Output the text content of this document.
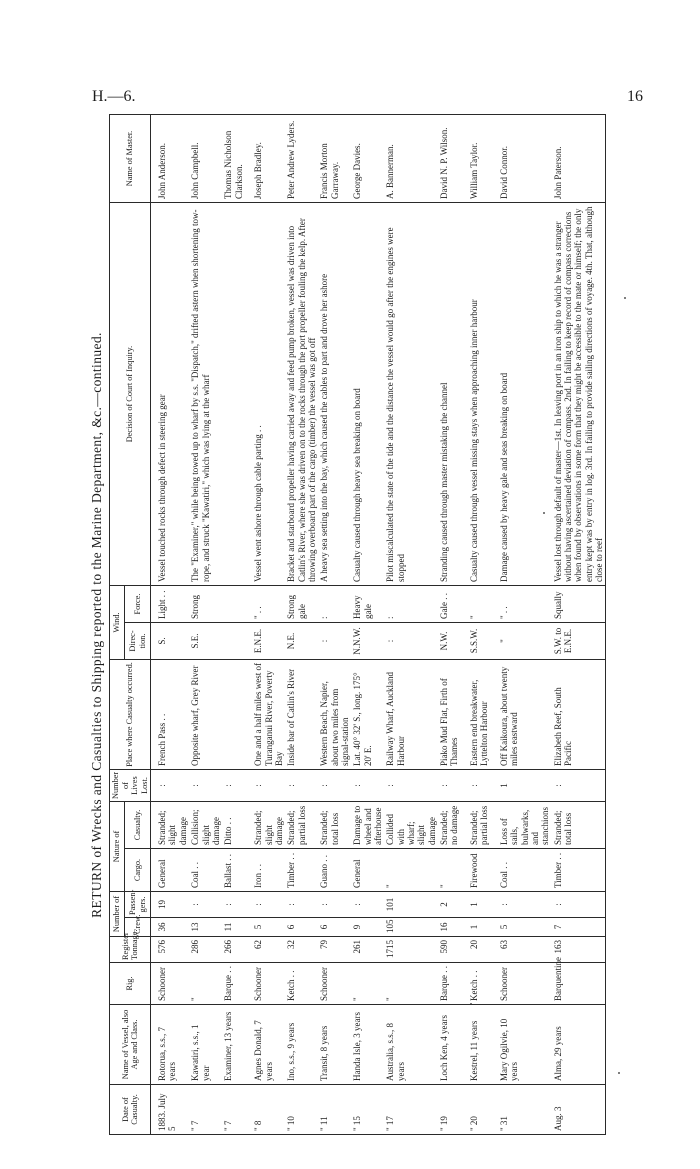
H.—6.	16
RETURN of Wrecks and Casualties to Shipping reported to the Marine Department, &c.—continued.
Date of Casualty.	Name of Vessel, also Age and Class.	Rig.	Register Tonnage.	Number of		Nature of		Number of Lives Lost.	Place where Casualty occurred.	Wind.		Decision of Court of Inquiry.	Name of Master.
				Crew.	Passen-gers.	Cargo.	Casualty.			Direc-tion.	Force.		
1883. July 5	Rotorua, s.s., 7 years	Schooner	576	36	19	General	Stranded; slight damage	:	French Pass . .	S.	Light . .	Vessel touched rocks through defect in steering gear	John Anderson.
" 7	Kawatiri, s.s., 1 year	"	286	13	:	Coal . .	Collision; slight damage	:	Opposite wharf, Grey River	S.E.	Strong	The "Examiner," while being towed up to wharf by s.s. "Dispatch," drifted astern when shortening tow-rope, and struck "Kawatiri," which was lying at the wharf	John Campbell.
" 7	Examiner, 13 years	Barque . .	266	11	:	Ballast . .	Ditto . .	:					Thomas Nicholson Clarkson.
" 8	Agnes Donald, 7 years	Schooner	62	5	:	Iron . .	Stranded; slight damage	:	One and a half miles west of Turanganui River, Poverty Bay	E.N.E.	" . .	Vessel went ashore through cable parting . .	Joseph Bradley.
" 10	Ino, s.s., 9 years	Ketch . .	32	6	:	Timber . .	Stranded; partial loss	:	Inside bar of Catlin's River	N.E.	Strong gale	Bracket and starboard propeller having carried away and feed pump broken, vessel was driven into Catlin's River, where she was driven on to the rocks through the port propeller fouling the kelp. After throwing overboard part of the cargo (timber) the vessel was got off	Peter Andrew Lyders.
" 11	Transit, 8 years	Schooner	79	6	:	Guano . .	Stranded; total loss	:	Western Beach, Napier, about two miles from signal-station	:	:	A heavy sea setting into the bay, which caused the cables to part and drove her ashore	Francis Morton Garraway.
" 15	Handa Isle, 3 years	"	261	9	:	General	Damage to wheel and afterhouse	:	Lat. 40° 32' S., long. 175° 20' E.	N.N.W.	Heavy gale	Casualty caused through heavy sea breaking on board	George Davies.
" 17	Australia, s.s., 8 years	"	1715	105	101	"	Collided with wharf; slight damage	:	Railway Wharf, Auckland Harbour	:	:	Pilot miscalculated the state of the tide and the distance the vessel would go after the engines were stopped	A. Bannerman.
" 19	Loch Ken, 4 years	Barque . .	590	16	2	"	Stranded; no damage	:	Piako Mud Flat, Firth of Thames	N.W.	Gale . .	Stranding caused through master mistaking the channel	David N. P. Wilson.
" 20	Kestrel, 11 years	Ketch . .	20	1	1	Firewood	Stranded; partial loss	:	Eastern end breakwater, Lyttelton Harbour	S.S.W.	"	Casualty caused through vessel missing stays when approaching inner harbour	William Taylor.
" 31	Mary Ogilvie, 10 years	Schooner	63	5	:	Coal . .	Loss of sails, bulwarks, and stanchions	1	Off Kaikoura, about twenty miles eastward	"	" . .	Damage caused by heavy gale and seas breaking on board	David Connor.
Aug. 3	Alma, 29 years	Barquentine	163	7	:	Timber . .	Stranded; total loss	:	Elizabeth Reef, South Pacific	S.W. to E.N.E.	Squally	Vessel lost through default of master—1st. In leaving port in an iron ship to which he was a stranger without having ascertained deviation of compass. 2nd. In failing to keep record of compass corrections when found by observations in some form that they might be accessible to the mate or himself; the only entry kept was by entry in log. 3rd. In failing to provide sailing directions of voyage. 4th. That, although close to reef	John Paterson.
